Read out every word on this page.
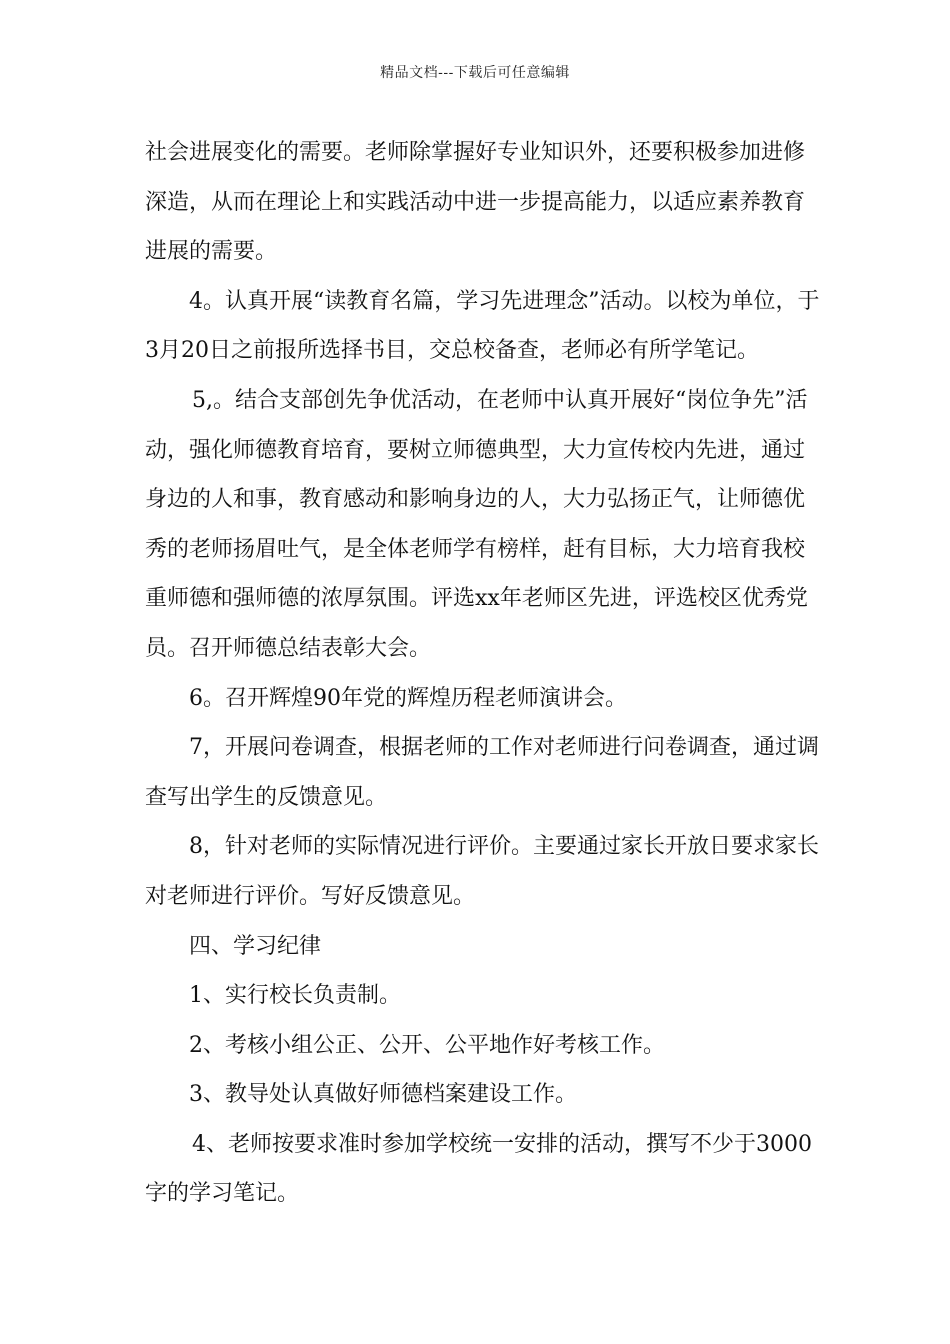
精品文档---下载后可任意编辑

社会进展变化的需要。老师除掌握好专业知识外，还要积极参加进修深造，从而在理论上和实践活动中进一步提高能力，以适应素养教育进展的需要。

4。认真开展“读教育名篇，学习先进理念”活动。以校为单位，于3月20日之前报所选择书目，交总校备查，老师必有所学笔记。

5,。结合支部创先争优活动，在老师中认真开展好“岗位争先”活动，强化师德教育培育，要树立师德典型，大力宣传校内先进，通过身边的人和事，教育感动和影响身边的人，大力弘扬正气，让师德优秀的老师扬眉吐气，是全体老师学有榜样，赶有目标，大力培育我校重师德和强师德的浓厚氛围。评选xx年老师区先进，评选校区优秀党员。召开师德总结表彰大会。

6。召开辉煌90年党的辉煌历程老师演讲会。

7，开展问卷调查，根据老师的工作对老师进行问卷调查，通过调查写出学生的反馈意见。

8，针对老师的实际情况进行评价。主要通过家长开放日要求家长对老师进行评价。写好反馈意见。

四、学习纪律

1、实行校长负责制。

2、考核小组公正、公开、公平地作好考核工作。

3、教导处认真做好师德档案建设工作。

4、老师按要求准时参加学校统一安排的活动，撰写不少于3000字的学习笔记。
